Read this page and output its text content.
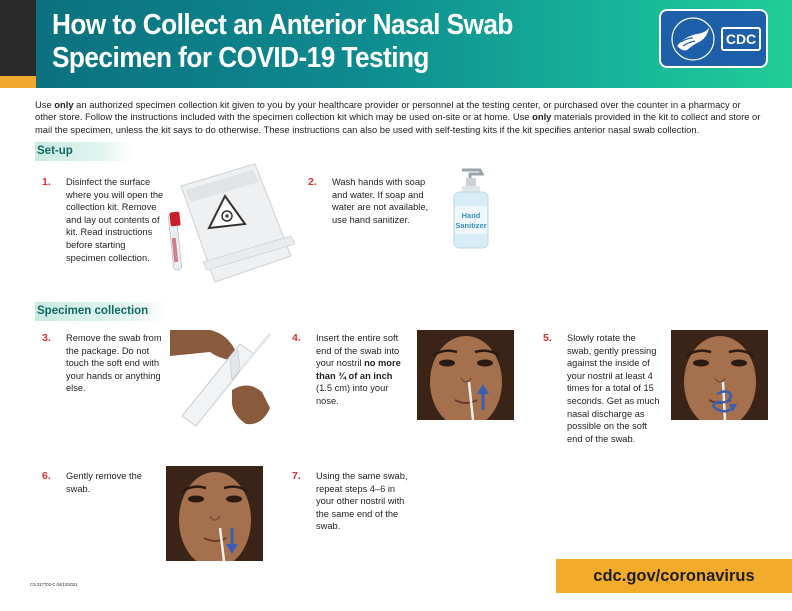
How to Collect an Anterior Nasal Swab
Specimen for COVID-19 Testing
CDC

Use only an authorized specimen collection kit given to you by your healthcare provider or personnel at the testing center, or purchased over the counter in a pharmacy or other store. Follow the instructions included with the specimen collection kit which may be used on-site or at home. Use only materials provided in the kit to collect and store or mail the specimen, unless the kit says to do otherwise. These instructions can also be used with self-testing kits if the kit specifies anterior nasal swab collection.

Set-up
Specimen collection
1. Disinfect the surface where you will open the collection kit. Remove and lay out contents of kit. Read instructions before starting specimen collection.
2. Wash hands with soap and water. If soap and water are not available, use hand sanitizer.
3. Remove the swab from the package. Do not touch the soft end with your hands or anything else.
4. Insert the entire soft end of the swab into your nostril no more than ¾ of an inch (1.5 cm) into your nose.
5. Slowly rotate the swab, gently pressing against the inside of your nostril at least 4 times for a total of 15 seconds. Get as much nasal discharge as possible on the soft end of the swab.
6. Gently remove the swab.
7. Using the same swab, repeat steps 4–6 in your other nostril with the same end of the swab.
Hand
Sanitizer
CS 317702-C 04/13/2021	cdc.gov/coronavirus
